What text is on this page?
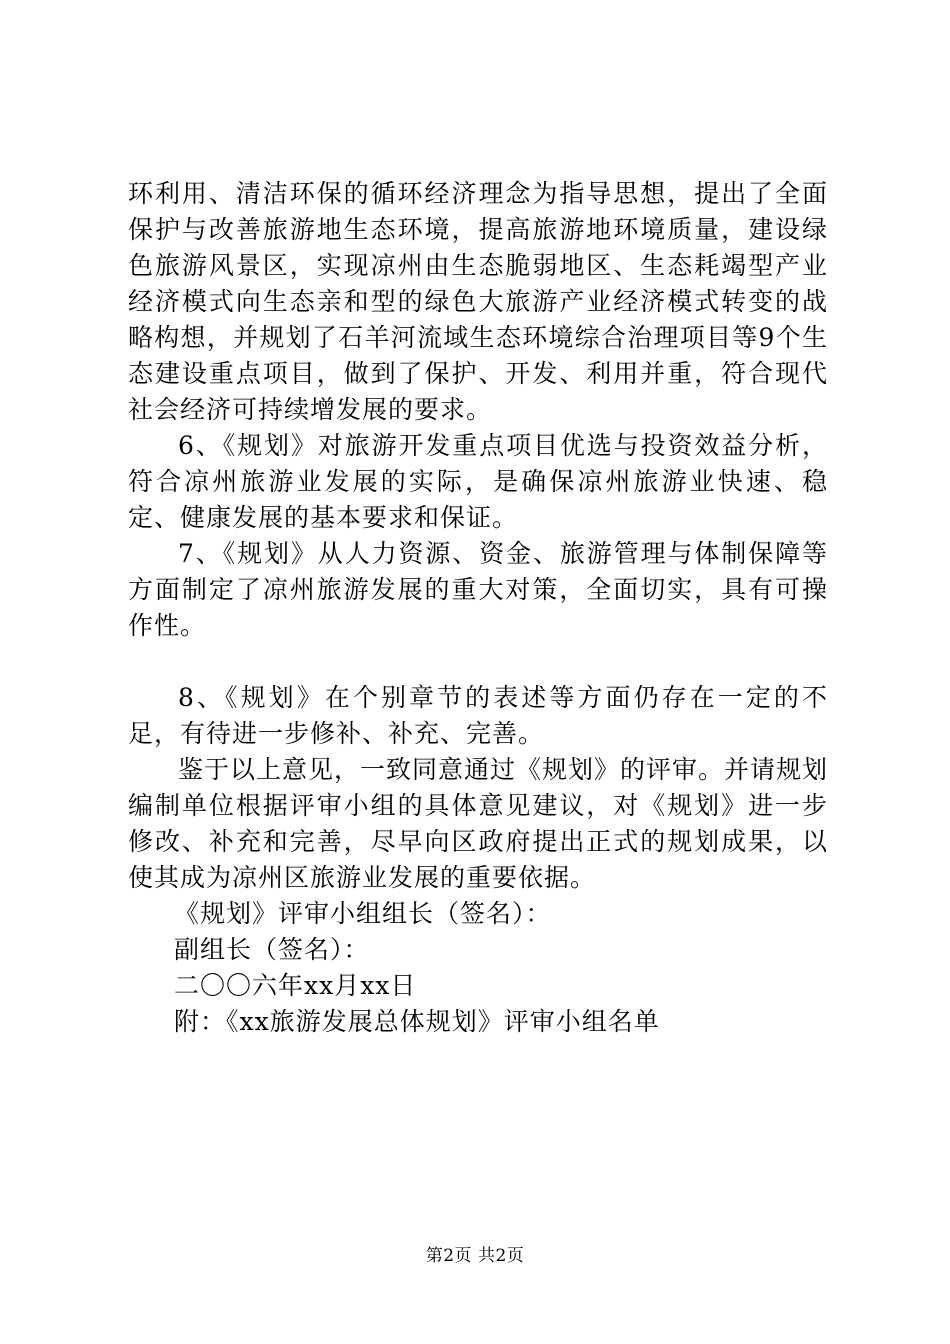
环利用、清洁环保的循环经济理念为指导思想，提出了全面保护与改善旅游地生态环境，提高旅游地环境质量，建设绿色旅游风景区，实现凉州由生态脆弱地区、生态耗竭型产业经济模式向生态亲和型的绿色大旅游产业经济模式转变的战略构想，并规划了石羊河流域生态环境综合治理项目等9个生态建设重点项目，做到了保护、开发、利用并重，符合现代社会经济可持续增发展的要求。

6、《规划》对旅游开发重点项目优选与投资效益分析，符合凉州旅游业发展的实际，是确保凉州旅游业快速、稳定、健康发展的基本要求和保证。

7、《规划》从人力资源、资金、旅游管理与体制保障等方面制定了凉州旅游发展的重大对策，全面切实，具有可操作性。

8、《规划》在个别章节的表述等方面仍存在一定的不足，有待进一步修补、补充、完善。

鉴于以上意见，一致同意通过《规划》的评审。并请规划编制单位根据评审小组的具体意见建议，对《规划》进一步修改、补充和完善，尽早向区政府提出正式的规划成果，以使其成为凉州区旅游业发展的重要依据。

《规划》评审小组组长（签名）：

副组长（签名）：

二〇〇六年xx月xx日

附：《xx旅游发展总体规划》评审小组名单

第2页 共2页
